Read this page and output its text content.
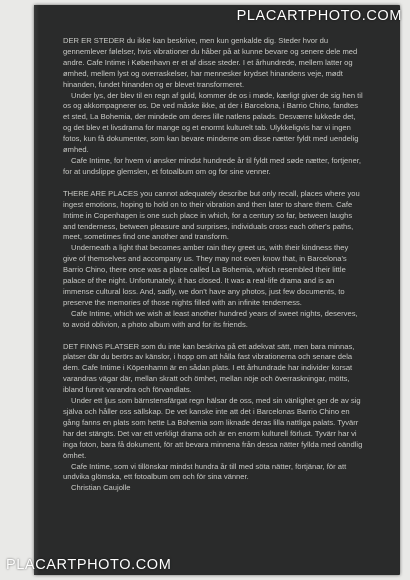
DER ER STEDER du ikke kan beskrive, men kun genkalde dig. Steder hvor du gennemlever følelser, hvis vibrationer du håber på at kunne bevare og senere dele med andre. Cafe Intime i København er et af disse steder. I et århundrede, mellem latter og ømhed, mellem lyst og overraskelser, har mennesker krydset hinandens veje, mødt hinanden, fundet hinanden og er blevet transformeret.

Under lys, der blev til en regn af guld, kommer de os i møde, kærligt giver de sig hen til os og akkompagnerer os. De ved måske ikke, at der i Barcelona, i Barrio Chino, fandtes et sted, La Bohemia, der mindede om deres lille natlens palads. Desværre lukkede det, og det blev et livsdrama for mange og et enormt kulturelt tab. Ulykkeligvis har vi ingen fotos, kun få dokumenter, som kan bevare minderne om disse nætter fyldt med uendelig ømhed.

Cafe Intime, for hvem vi ønsker mindst hundrede år til fyldt med søde nætter, fortjener, for at undslippe glemslen, et fotoalbum om og for sine venner.

THERE ARE PLACES you cannot adequately describe but only recall, places where you ingest emotions, hoping to hold on to their vibration and then later to share them. Cafe Intime in Copenhagen is one such place in which, for a century so far, between laughs and tenderness, between pleasure and surprises, individuals cross each other's paths, meet, sometimes find one another and transform.

Underneath a light that becomes amber rain they greet us, with their kindness they give of themselves and accompany us. They may not even know that, in Barcelona's Barrio Chino, there once was a place called La Bohemia, which resembled their little palace of the night. Unfortunately, it has closed. It was a real-life drama and is an immense cultural loss. And, sadly, we don't have any photos, just few documents, to preserve the memories of those nights filled with an infinite tenderness.

Cafe Intime, which we wish at least another hundred years of sweet nights, deserves, to avoid oblivion, a photo album with and for its friends.

DET FINNS PLATSER som du inte kan beskriva på ett adekvat sätt, men bara minnas, platser där du berörs av känslor, i hopp om att hålla fast vibrationerna och senare dela dem. Cafe Intime i Köpenhamn är en sådan plats. I ett århundrade har individer korsat varandras vägar där, mellan skratt och ömhet, mellan nöje och överraskningar, mötts, ibland funnit varandra och förvandlats.

Under ett ljus som bärnstensfärgat regn hälsar de oss, med sin vänlighet ger de av sig själva och håller oss sällskap. De vet kanske inte att det i Barcelonas Barrio Chino en gång fanns en plats som hette La Bohemia som liknade deras lilla nattliga palats. Tyvärr har det stängts. Det var ett verkligt drama och är en enorm kulturell förlust. Tyvärr har vi inga foton, bara få dokument, för att bevara minnena från dessa nätter fyllda med oändlig ömhet.

Cafe Intime, som vi tillönskar mindst hundra år till med söta nätter, förtjänar, för att undvika glömska, ett fotoalbum om och för sina vänner.

Christian Caujolle

PLACARTPHOTO.COM
PLACARTPHOTO.COM
